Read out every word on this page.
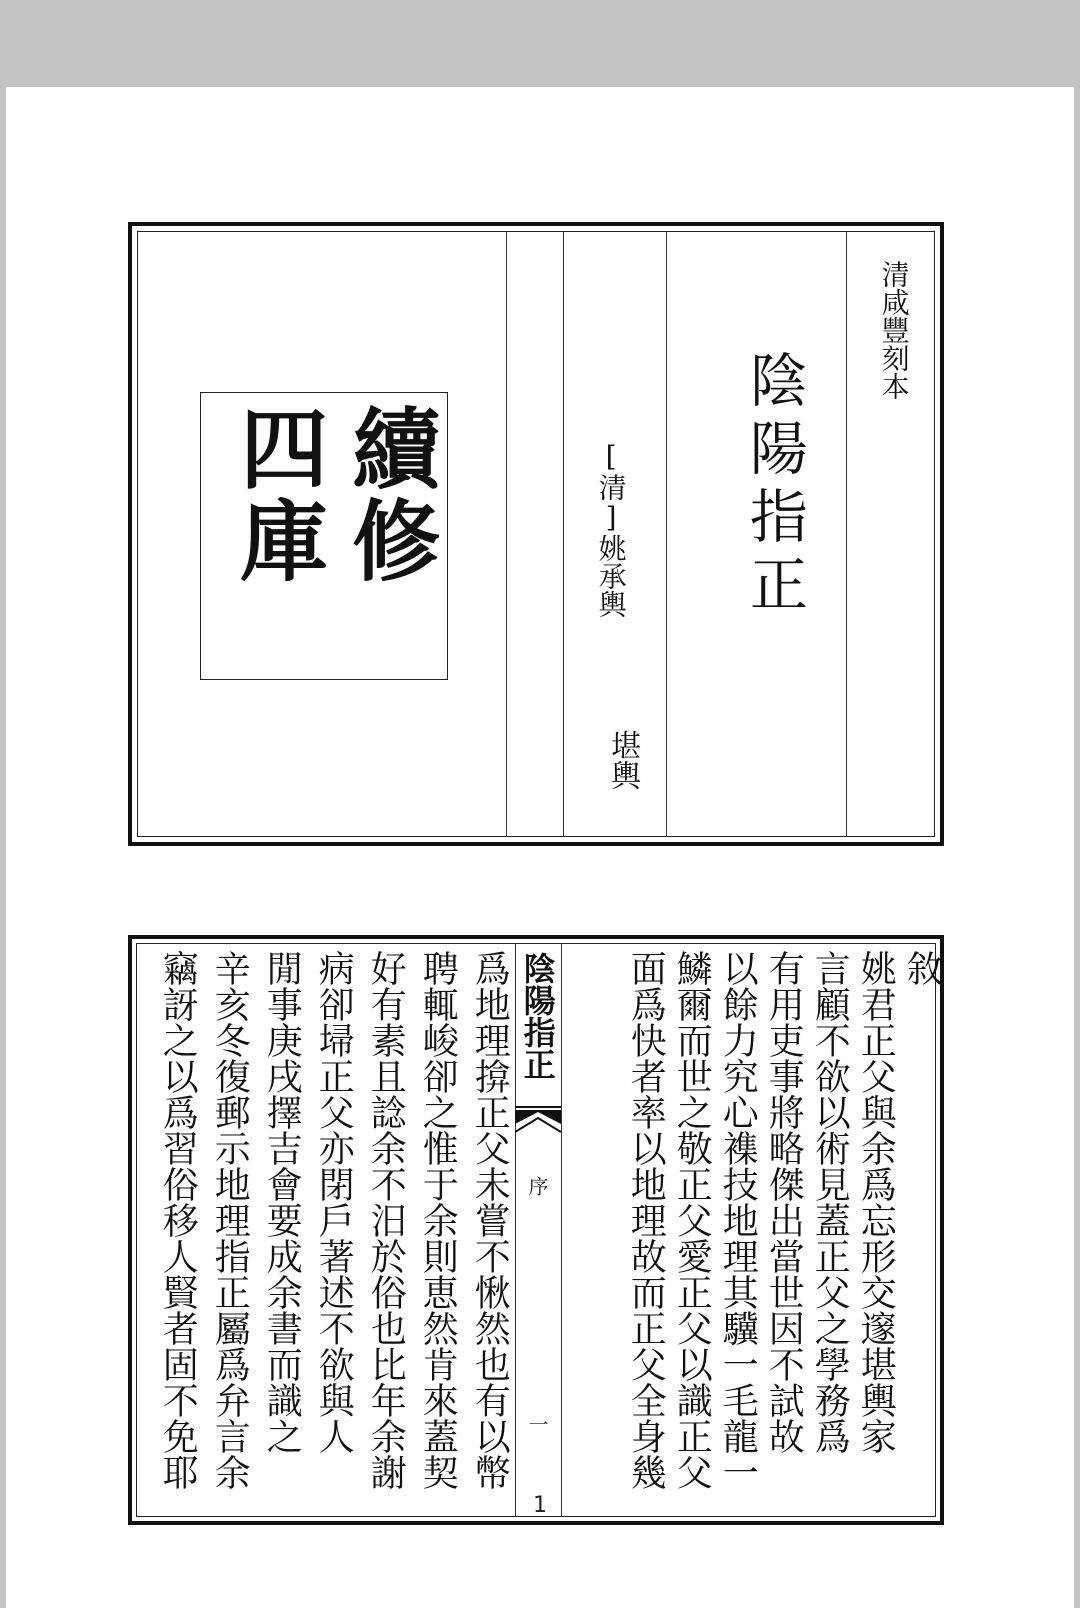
續修
四庫	[清]姚承輿
堪輿
陰陽指正
清咸豐刻本
陰陽指正
序
一
敘
姚君正父與余爲忘形交邃堪輿家
言顧不欲以術見蓋正父之學務爲
有用吏事將略傑出當世因不試故
以餘力究心襍技地理其驥一毛龍一
鱗爾而世之敬正父愛正父以識正父
面爲快者率以地理故而正父全身幾
爲地理揜正父未嘗不愀然也有以幣
聘輒峻卻之惟于余則恵然肯來蓋契
好有素且諗余不汨於俗也比年余謝
病卻埽正父亦閉戶著述不欲與人
閒事庚戌擇吉會要成余書而識之
辛亥冬復郵示地理指正屬爲弁言余
竊訝之以爲習俗移人賢者固不免耶
1
